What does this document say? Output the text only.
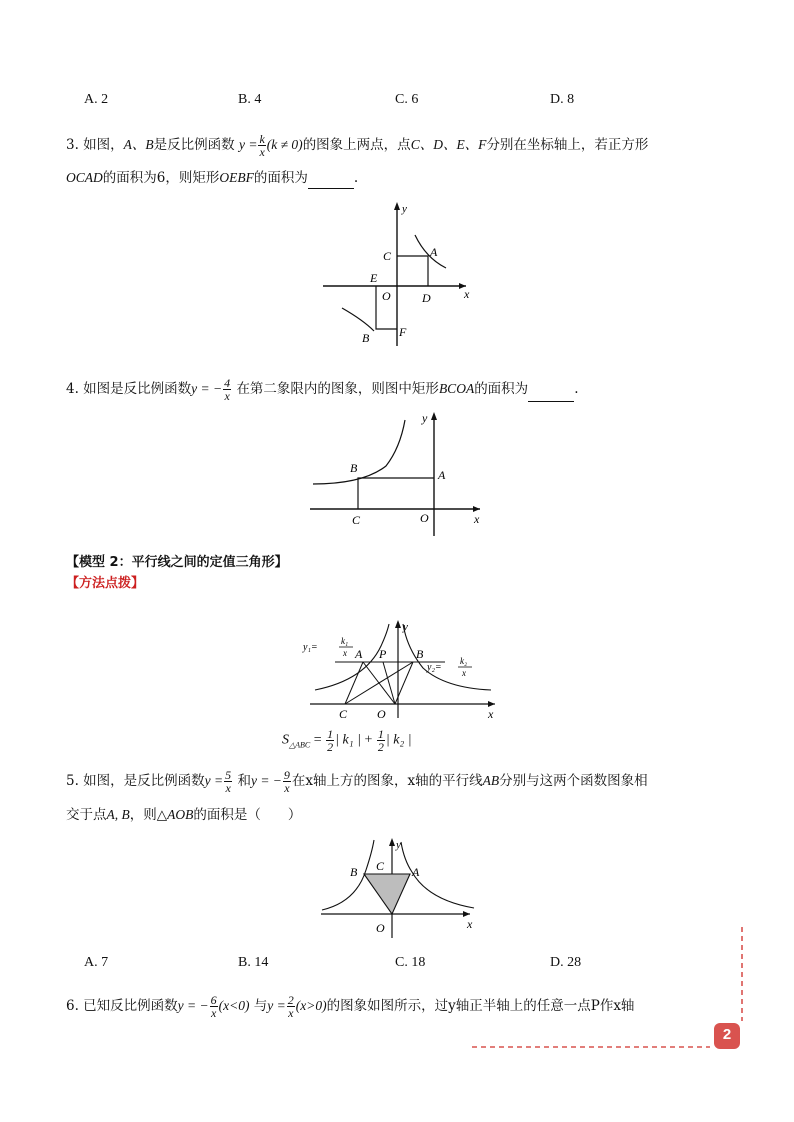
A. 2	B. 4	C. 6	D. 8
3. 如图，A、B是反比例函数 $y = \frac{k}{x} (k \ne 0)$的图象上两点，点C、D、E、F分别在坐标轴上，若正方形
OCAD的面积为6，则矩形OEBF的面积为	.
y
x
C	A
E
O	D
B F
4. 如图是反比例函数y = − $\frac{4}{x}$ 在第二象限内的图象，则图中矩形BCOA的面积为	.
y
x
B	A
C	O
【模型 2：平行线之间的定值三角形】
【方法点拨】
y₁=
k₁
x
y₂=
k₂
x
A P B
C O	x
y
$S_{\triangle ABC} = \frac{1}{2}$ | k₁ | + $\frac{1}{2}$ | k₂ |
5. 如图，是反比例函数$y = \frac{5}{x}$ 和y = − $\frac{9}{x}$ 在x轴上方的图象，x轴的平行线AB分别与这两个函数图象相
交于点A, B，则△AOB的面积是（　　）
y
x
B C A
O
A. 7	B. 14	C. 18	D. 28
6. 已知反比例函数y = − $\frac{6}{x} (x<0)$ 与$y = \frac{2}{x} (x>0)$的图象如图所示，过y轴正半轴上的任意一点P作x轴
2
